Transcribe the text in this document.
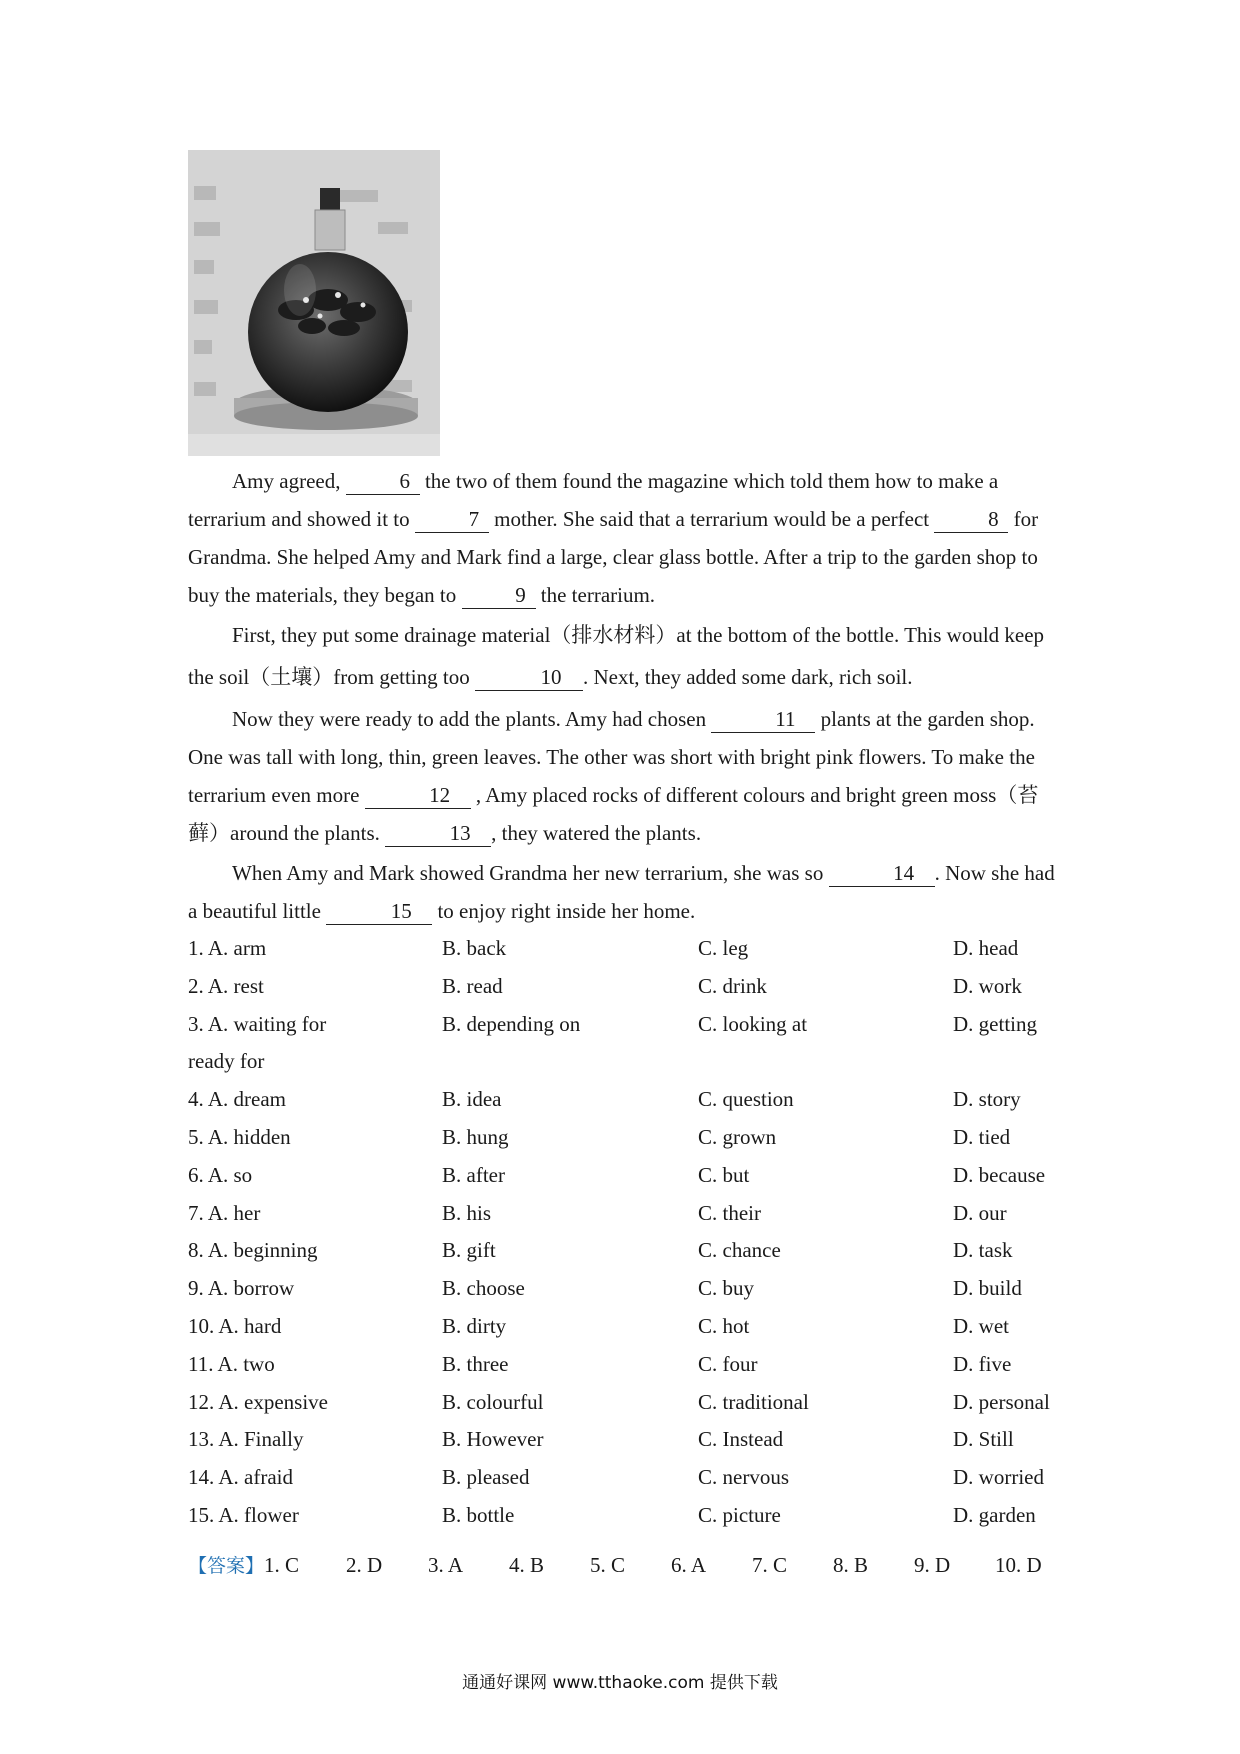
Amy agreed,	6 the two of them found the magazine which told them how to make a terrarium and showed it to	7 mother. She said that a terrarium would be a perfect	8 for Grandma. She helped Amy and Mark find a large, clear glass bottle. After a trip to the garden shop to buy the materials, they began to	9 the terrarium.

First, they put some drainage material（排水材料）at the bottom of the bottle. This would keep the soil（土壤）from getting too	10 . Next, they added some dark, rich soil.

Now they were ready to add the plants. Amy had chosen	11 plants at the garden shop. One was tall with long, thin, green leaves. The other was short with bright pink flowers. To make the terrarium even more	12 , Amy placed rocks of different colours and bright green moss（苔藓）around the plants.	13 , they watered the plants.

When Amy and Mark showed Grandma her new terrarium, she was so	14 . Now she had a beautiful little	15 to enjoy right inside her home.

1. A. arm	B. back	C. leg	D. head
2. A. rest	B. read	C. drink	D. work
3. A. waiting for	B. depending on	C. looking at	D. getting
ready for
4. A. dream	B. idea	C. question	D. story
5. A. hidden	B. hung	C. grown	D. tied
6. A. so	B. after	C. but	D. because
7. A. her	B. his	C. their	D. our
8. A. beginning	B. gift	C. chance	D. task
9. A. borrow	B. choose	C. buy	D. build
10. A. hard	B. dirty	C. hot	D. wet
11. A. two	B. three	C. four	D. five
12. A. expensive	B. colourful	C. traditional	D. personal
13. A. Finally	B. However	C. Instead	D. Still
14. A. afraid	B. pleased	C. nervous	D. worried
15. A. flower	B. bottle	C. picture	D. garden
【答案】1. C 2. D 3. A 4. B 5. C 6. A 7. C 8. B 9. D 10. D
通通好课网 www.tthaoke.com 提供下载
